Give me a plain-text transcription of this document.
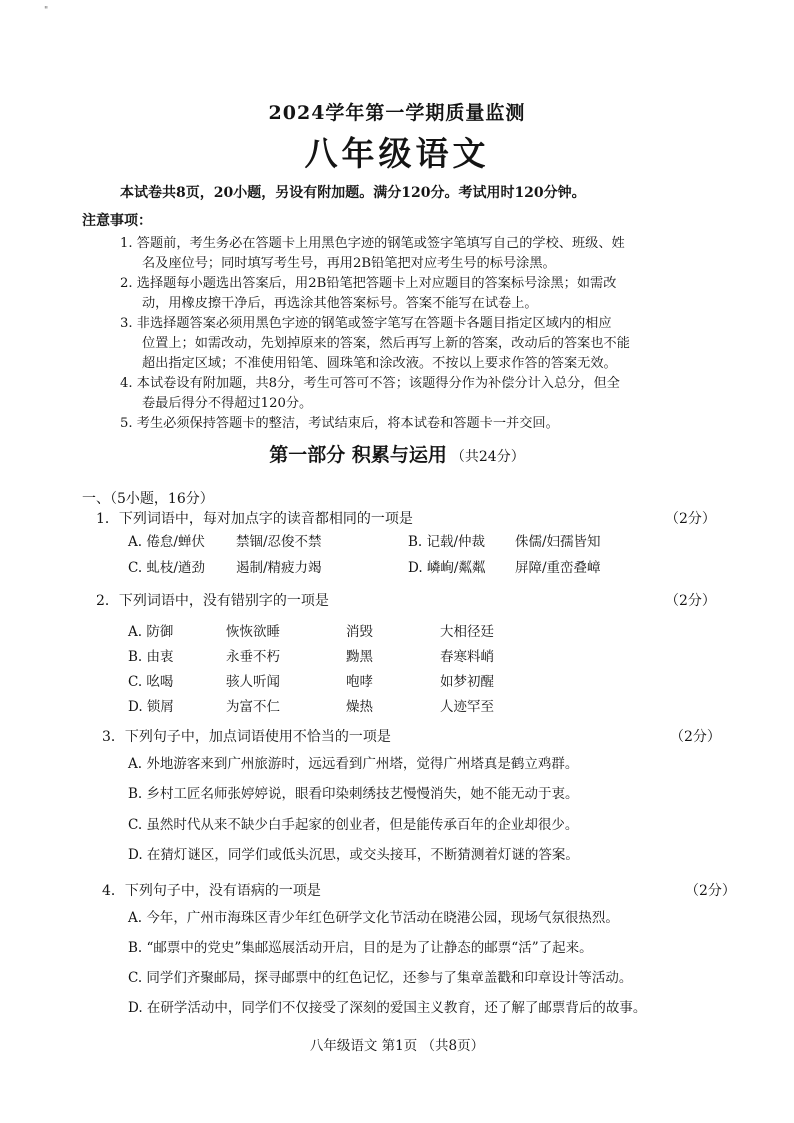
"
2024学年第一学期质量监测
八年级语文
本试卷共8页，20小题，另设有附加题。满分120分。考试用时120分钟。
注意事项：
1. 答题前，考生务必在答题卡上用黑色字迹的钢笔或签字笔填写自己的学校、班级、姓
名及座位号；同时填写考生号，再用2B铅笔把对应考生号的标号涂黑。
2. 选择题每小题选出答案后，用2B铅笔把答题卡上对应题目的答案标号涂黑；如需改
动，用橡皮擦干净后，再选涂其他答案标号。答案不能写在试卷上。
3. 非选择题答案必须用黑色字迹的钢笔或签字笔写在答题卡各题目指定区域内的相应
位置上；如需改动，先划掉原来的答案，然后再写上新的答案，改动后的答案也不能
超出指定区域；不准使用铅笔、圆珠笔和涂改液。不按以上要求作答的答案无效。
4. 本试卷设有附加题，共8分，考生可答可不答；该题得分作为补偿分计入总分，但全
卷最后得分不得超过120分。
5. 考生必须保持答题卡的整洁，考试结束后，将本试卷和答题卡一并交回。
第一部分 积累与运用 （共24分）
一、（5小题，16分）
1．下列词语中，每对加点字的读音都相同的一项是	（2分）
A. 倦怠/蝉伏 禁锢/忍俊不禁	B. 记载/仲裁 侏儒/妇孺皆知
C. 虬枝/遒劲 遏制/精疲力竭	D. 嶙峋/粼粼 屏障/重峦叠嶂
2．下列词语中，没有错别字的一项是	（2分）
A. 防御	恢恢欲睡	消毁	大相径廷
B. 由衷	永垂不朽	黝黑	春寒料峭
C. 吆喝	骇人听闻	咆哮	如梦初醒
D. 锁屑	为富不仁	燥热	人迹罕至
3．下列句子中，加点词语使用不恰当的一项是	（2分）
A. 外地游客来到广州旅游时，远远看到广州塔，觉得广州塔真是鹤立鸡群。
B. 乡村工匠名师张婷婷说，眼看印染刺绣技艺慢慢消失，她不能无动于衷。
C. 虽然时代从来不缺少白手起家的创业者，但是能传承百年的企业却很少。
D. 在猜灯谜区，同学们或低头沉思，或交头接耳，不断猜测着灯谜的答案。
4．下列句子中，没有语病的一项是	（2分）
A. 今年，广州市海珠区青少年红色研学文化节活动在晓港公园，现场气氛很热烈。
B. “邮票中的党史”集邮巡展活动开启，目的是为了让静态的邮票“活”了起来。
C. 同学们齐聚邮局，探寻邮票中的红色记忆，还参与了集章盖戳和印章设计等活动。
D. 在研学活动中，同学们不仅接受了深刻的爱国主义教育，还了解了邮票背后的故事。
八年级语文 第1页 （共8页）
